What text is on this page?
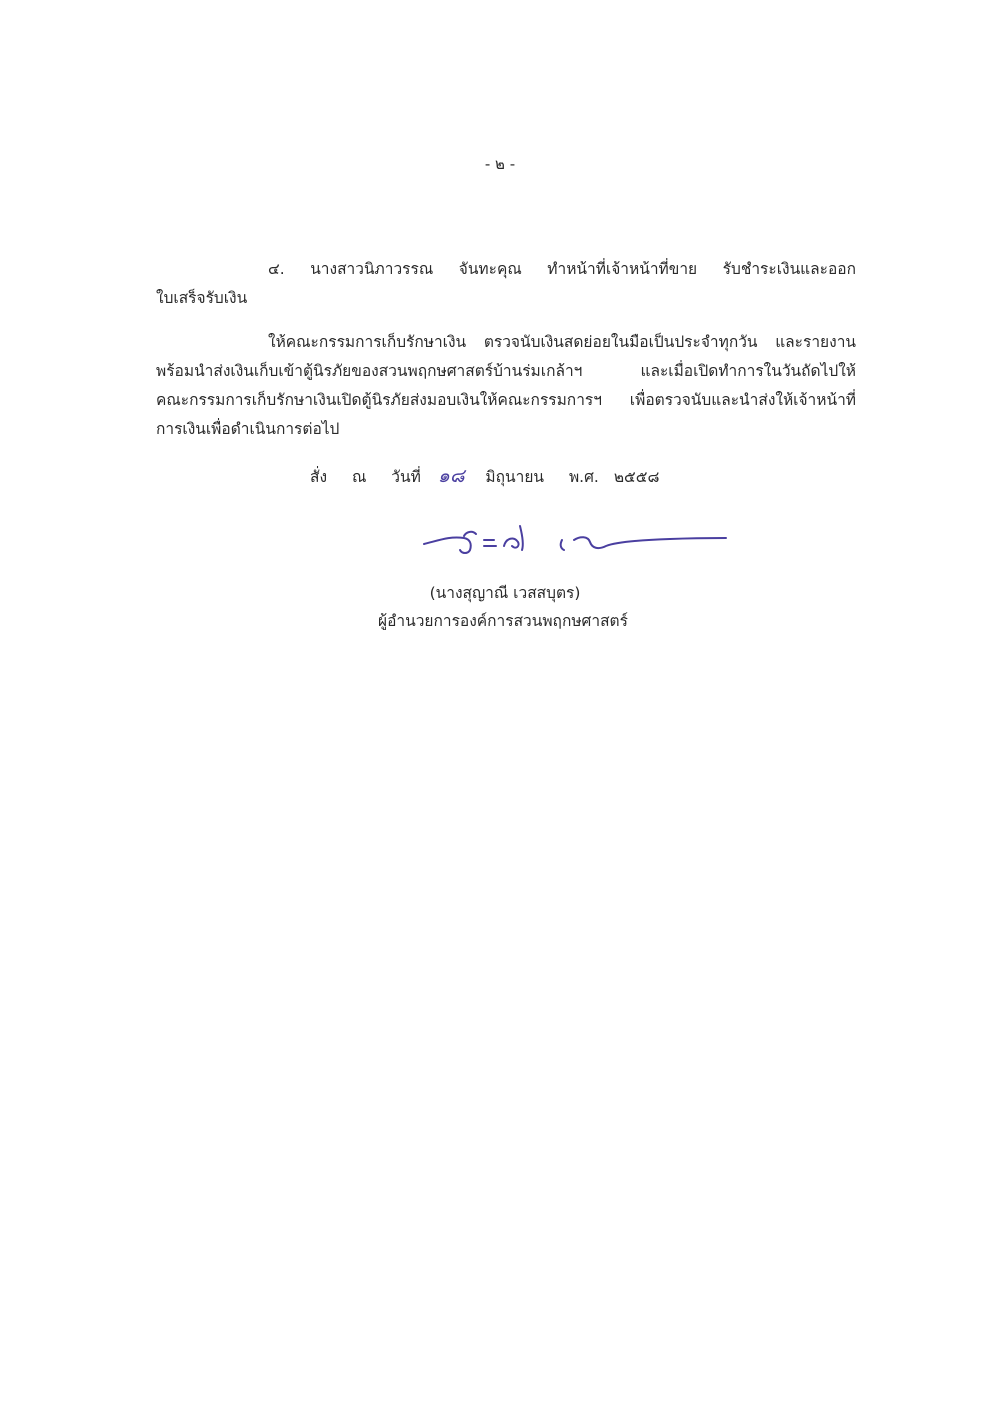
- ๒ -
๔. นางสาวนิภาวรรณ จันทะคุณ ทำหน้าที่เจ้าหน้าที่ขาย รับชำระเงินและออก
ใบเสร็จรับเงิน
ให้คณะกรรมการเก็บรักษาเงิน ตรวจนับเงินสดย่อยในมือเป็นประจำทุกวัน และรายงาน
พร้อมนำส่งเงินเก็บเข้าตู้นิรภัยของสวนพฤกษศาสตร์บ้านร่มเกล้าฯ และเมื่อเปิดทำการในวันถัดไปให้
คณะกรรมการเก็บรักษาเงินเปิดตู้นิรภัยส่งมอบเงินให้คณะกรรมการฯ เพื่อตรวจนับและนำส่งให้เจ้าหน้าที่
การเงินเพื่อดำเนินการต่อไป
สั่ง ณ วันที่ ๑๘ มิถุนายน พ.ศ. ๒๕๕๘
(นางสุญาณี เวสสบุตร)
ผู้อำนวยการองค์การสวนพฤกษศาสตร์
